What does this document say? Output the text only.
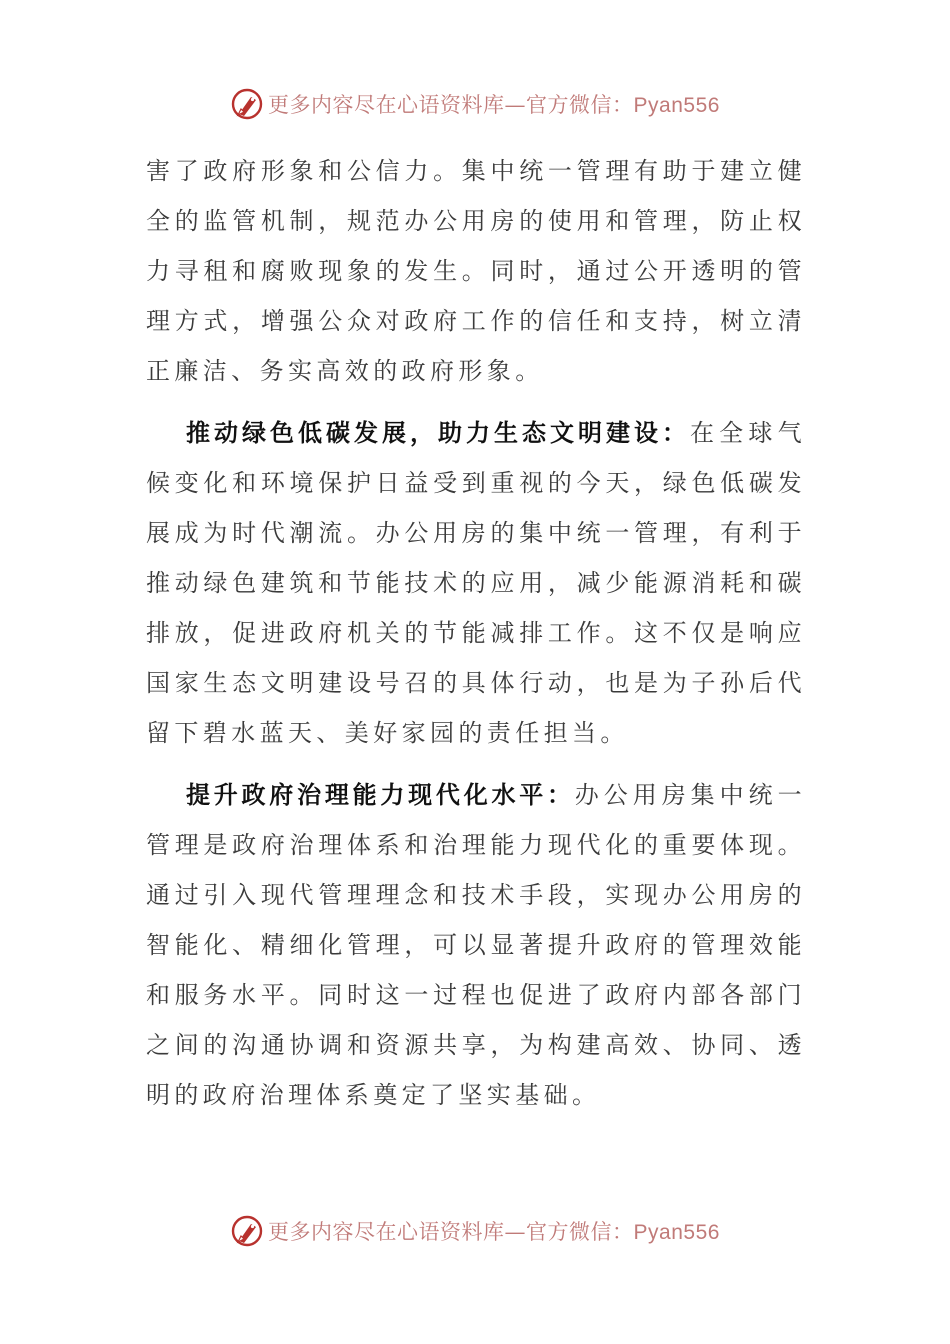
更多内容尽在心语资料库—官方微信：Pyan556

害了政府形象和公信力。集中统一管理有助于建立健全的监管机制，规范办公用房的使用和管理，防止权力寻租和腐败现象的发生。同时，通过公开透明的管理方式，增强公众对政府工作的信任和支持，树立清正廉洁、务实高效的政府形象。

推动绿色低碳发展，助力生态文明建设：在全球气候变化和环境保护日益受到重视的今天，绿色低碳发展成为时代潮流。办公用房的集中统一管理，有利于推动绿色建筑和节能技术的应用，减少能源消耗和碳排放，促进政府机关的节能减排工作。这不仅是响应国家生态文明建设号召的具体行动，也是为子孙后代留下碧水蓝天、美好家园的责任担当。

提升政府治理能力现代化水平：办公用房集中统一管理是政府治理体系和治理能力现代化的重要体现。通过引入现代管理理念和技术手段，实现办公用房的智能化、精细化管理，可以显著提升政府的管理效能和服务水平。同时这一过程也促进了政府内部各部门之间的沟通协调和资源共享，为构建高效、协同、透明的政府治理体系奠定了坚实基础。

更多内容尽在心语资料库—官方微信：Pyan556
